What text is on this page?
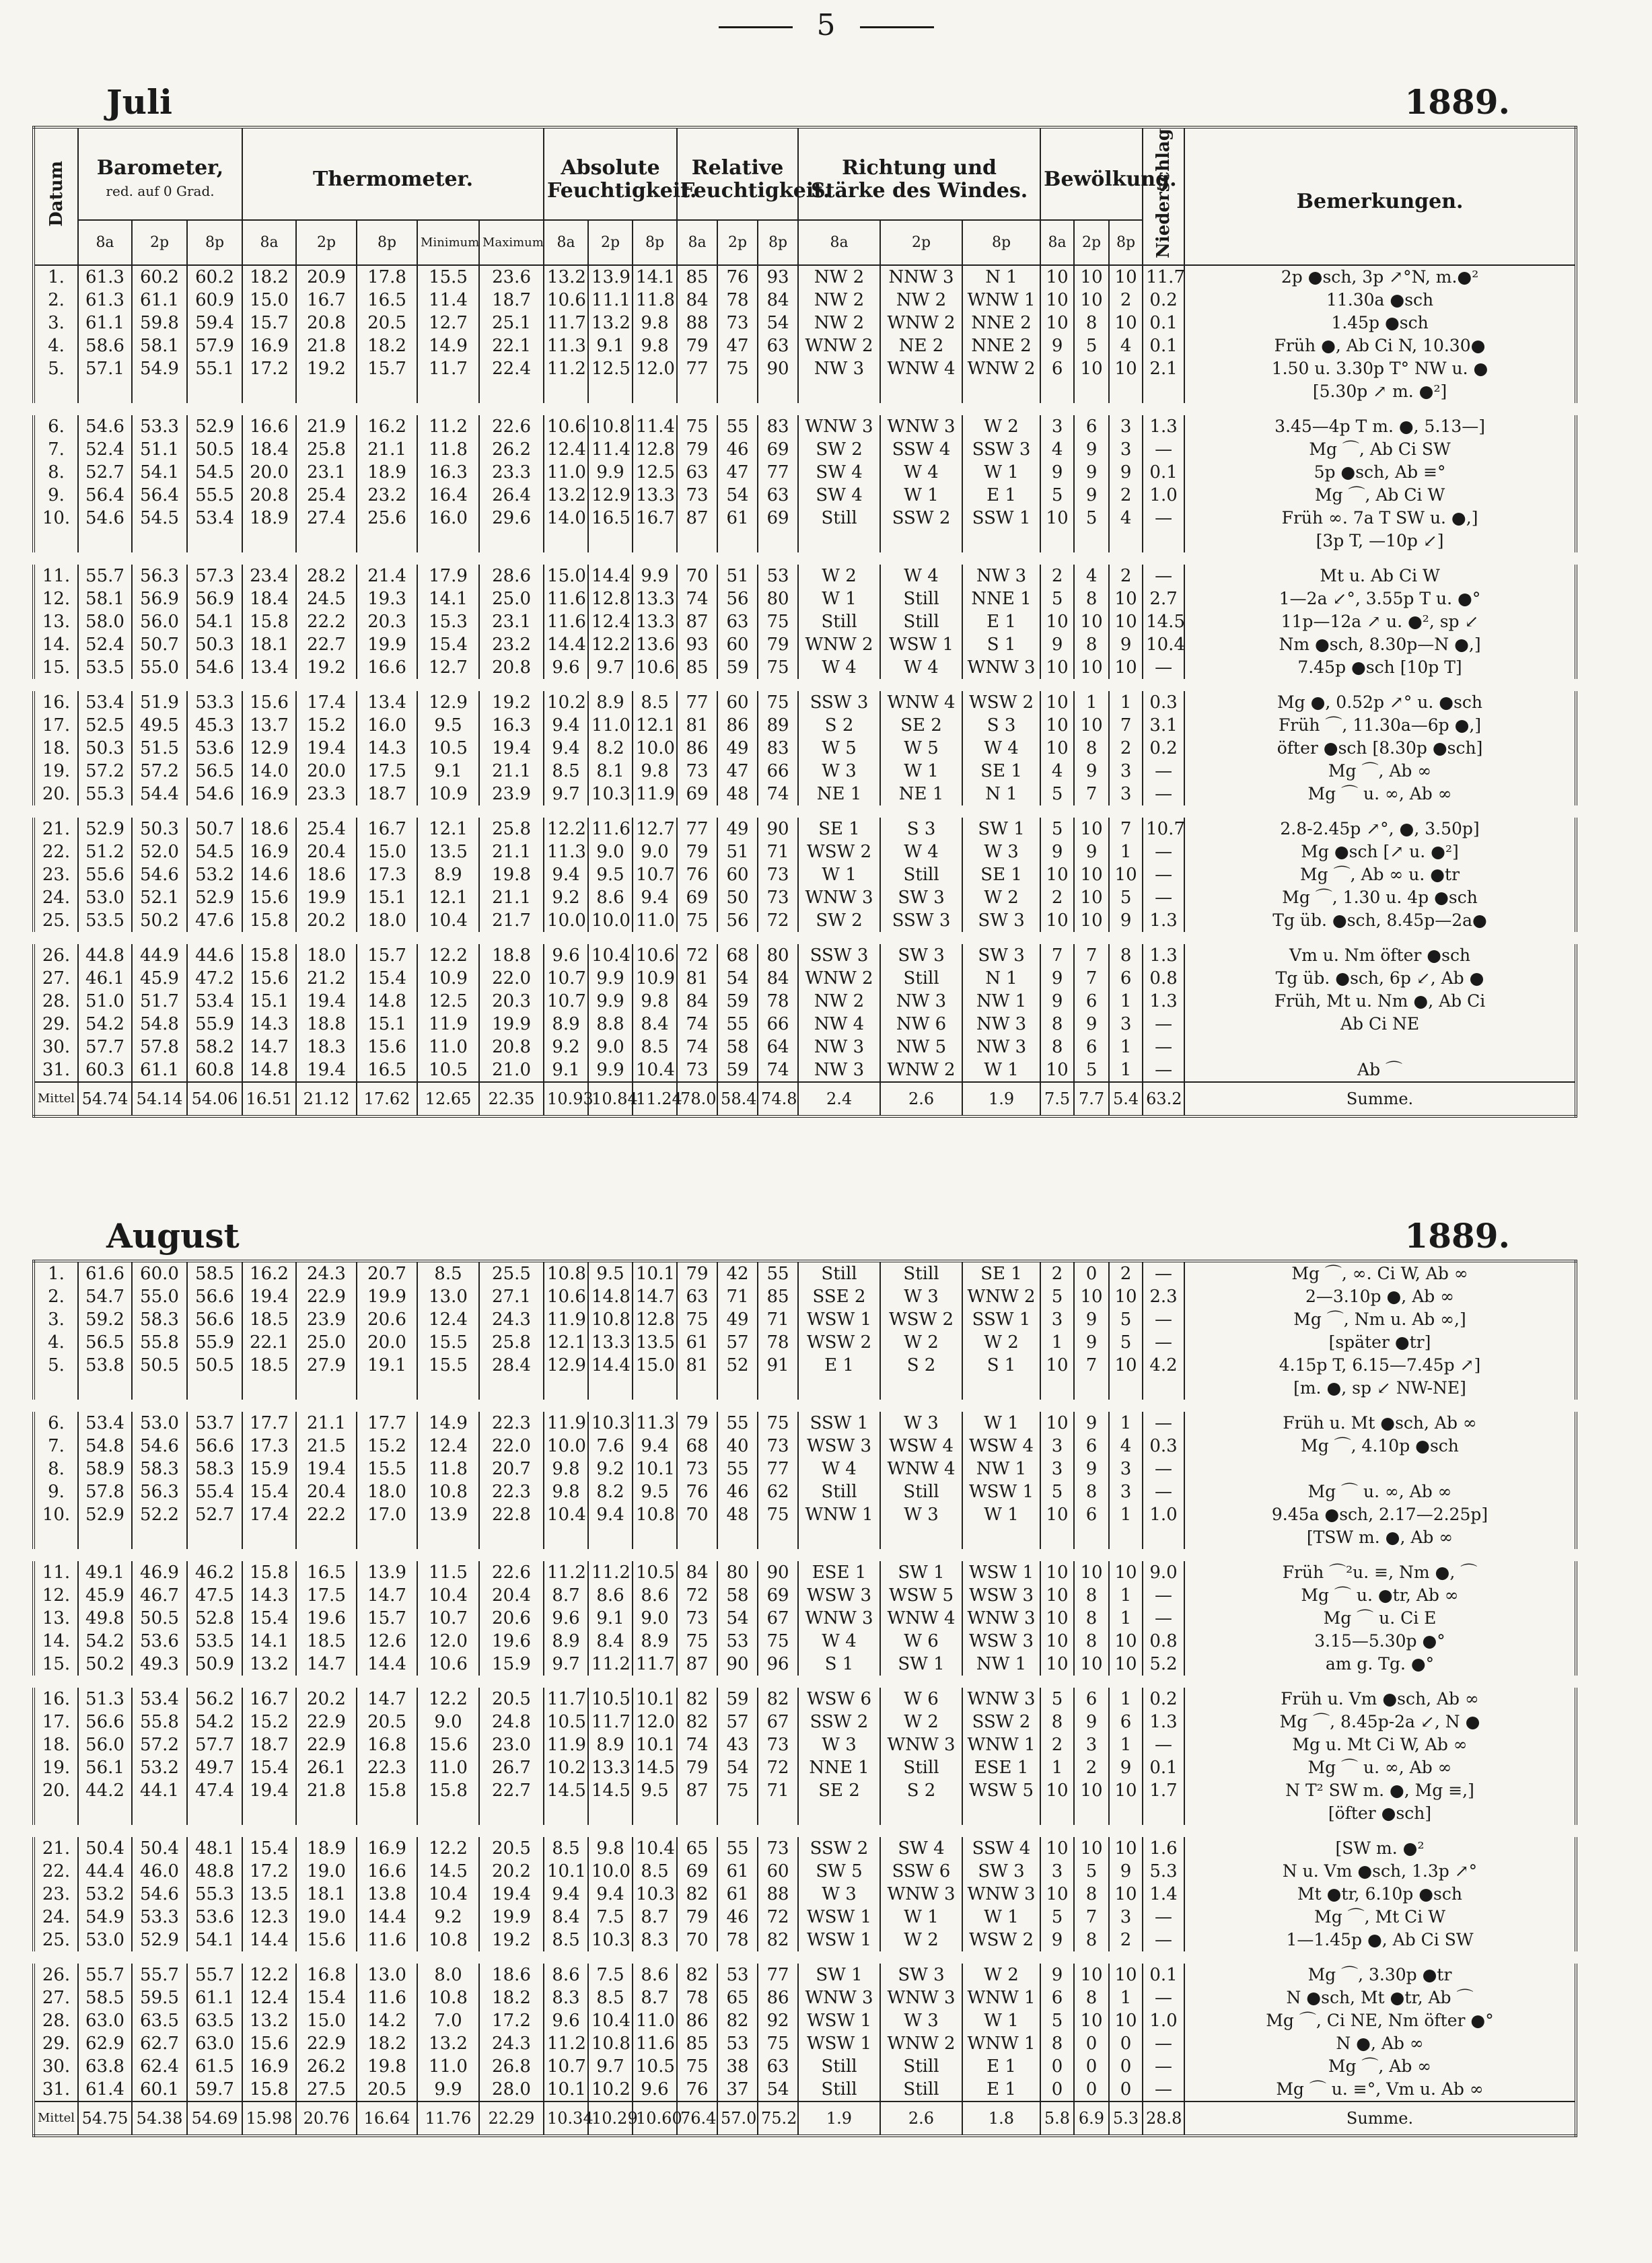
5
Juli	1889.
Datum	Barometer,
red. auf 0 Grad.			Thermometer.					Absolute Feuchtigkeit.			Relative Feuchtigkeit.			Richtung und Stärke des Windes.			Bewölkung.			Niederschlag	Bemerkungen.
	8a	2p	8p	8a	2p	8p	Minimum	Maximum	8a	2p	8p	8a	2p	8p	8a	2p	8p	8a	2p	8p		
1.	61.3	60.2	60.2	18.2	20.9	17.8	15.5	23.6	13.2	13.9	14.1	85	76	93	NW 2	NNW 3	N 1	10	10	10	11.7	2p ●sch, 3p ↗°N, m.●²
2.	61.3	61.1	60.9	15.0	16.7	16.5	11.4	18.7	10.6	11.1	11.8	84	78	84	NW 2	NW 2	WNW 1	10	10	2	0.2	11.30a ●sch
3.	61.1	59.8	59.4	15.7	20.8	20.5	12.7	25.1	11.7	13.2	9.8	88	73	54	NW 2	WNW 2	NNE 2	10	8	10	0.1	1.45p ●sch
4.	58.6	58.1	57.9	16.9	21.8	18.2	14.9	22.1	11.3	9.1	9.8	79	47	63	WNW 2	NE 2	NNE 2	9	5	4	0.1	Früh ●, Ab Ci N, 10.30●
5.	57.1	54.9	55.1	17.2	19.2	15.7	11.7	22.4	11.2	12.5	12.0	77	75	90	NW 3	WNW 4	WNW 2	6	10	10	2.1	1.50 u. 3.30p T° NW u. ●
																						[5.30p ↗ m. ●²]
6.	54.6	53.3	52.9	16.6	21.9	16.2	11.2	22.6	10.6	10.8	11.4	75	55	83	WNW 3	WNW 3	W 2	3	6	3	1.3	3.45—4p T m. ●, 5.13—]
7.	52.4	51.1	50.5	18.4	25.8	21.1	11.8	26.2	12.4	11.4	12.8	79	46	69	SW 2	SSW 4	SSW 3	4	9	3	—	Mg ⌒, Ab Ci SW
8.	52.7	54.1	54.5	20.0	23.1	18.9	16.3	23.3	11.0	9.9	12.5	63	47	77	SW 4	W 4	W 1	9	9	9	0.1	5p ●sch, Ab ≡°
9.	56.4	56.4	55.5	20.8	25.4	23.2	16.4	26.4	13.2	12.9	13.3	73	54	63	SW 4	W 1	E 1	5	9	2	1.0	Mg ⌒, Ab Ci W
10.	54.6	54.5	53.4	18.9	27.4	25.6	16.0	29.6	14.0	16.5	16.7	87	61	69	Still	SSW 2	SSW 1	10	5	4	—	Früh ∞. 7a T SW u. ●,]
																						[3p T, —10p ↙]
11.	55.7	56.3	57.3	23.4	28.2	21.4	17.9	28.6	15.0	14.4	9.9	70	51	53	W 2	W 4	NW 3	2	4	2	—	Mt u. Ab Ci W
12.	58.1	56.9	56.9	18.4	24.5	19.3	14.1	25.0	11.6	12.8	13.3	74	56	80	W 1	Still	NNE 1	5	8	10	2.7	1—2a ↙°, 3.55p T u. ●°
13.	58.0	56.0	54.1	15.8	22.2	20.3	15.3	23.1	11.6	12.4	13.3	87	63	75	Still	Still	E 1	10	10	10	14.5	11p—12a ↗ u. ●², sp ↙
14.	52.4	50.7	50.3	18.1	22.7	19.9	15.4	23.2	14.4	12.2	13.6	93	60	79	WNW 2	WSW 1	S 1	9	8	9	10.4	Nm ●sch, 8.30p—N ●,]
15.	53.5	55.0	54.6	13.4	19.2	16.6	12.7	20.8	9.6	9.7	10.6	85	59	75	W 4	W 4	WNW 3	10	10	10	—	7.45p ●sch [10p T]
16.	53.4	51.9	53.3	15.6	17.4	13.4	12.9	19.2	10.2	8.9	8.5	77	60	75	SSW 3	WNW 4	WSW 2	10	1	1	0.3	Mg ●, 0.52p ↗° u. ●sch
17.	52.5	49.5	45.3	13.7	15.2	16.0	9.5	16.3	9.4	11.0	12.1	81	86	89	S 2	SE 2	S 3	10	10	7	3.1	Früh ⌒, 11.30a—6p ●,]
18.	50.3	51.5	53.6	12.9	19.4	14.3	10.5	19.4	9.4	8.2	10.0	86	49	83	W 5	W 5	W 4	10	8	2	0.2	öfter ●sch [8.30p ●sch]
19.	57.2	57.2	56.5	14.0	20.0	17.5	9.1	21.1	8.5	8.1	9.8	73	47	66	W 3	W 1	SE 1	4	9	3	—	Mg ⌒, Ab ∞
20.	55.3	54.4	54.6	16.9	23.3	18.7	10.9	23.9	9.7	10.3	11.9	69	48	74	NE 1	NE 1	N 1	5	7	3	—	Mg ⌒ u. ∞, Ab ∞
21.	52.9	50.3	50.7	18.6	25.4	16.7	12.1	25.8	12.2	11.6	12.7	77	49	90	SE 1	S 3	SW 1	5	10	7	10.7	2.8-2.45p ↗°, ●, 3.50p]
22.	51.2	52.0	54.5	16.9	20.4	15.0	13.5	21.1	11.3	9.0	9.0	79	51	71	WSW 2	W 4	W 3	9	9	1	—	Mg ●sch [↗ u. ●²]
23.	55.6	54.6	53.2	14.6	18.6	17.3	8.9	19.8	9.4	9.5	10.7	76	60	73	W 1	Still	SE 1	10	10	10	—	Mg ⌒, Ab ∞ u. ●tr
24.	53.0	52.1	52.9	15.6	19.9	15.1	12.1	21.1	9.2	8.6	9.4	69	50	73	WNW 3	SW 3	W 2	2	10	5	—	Mg ⌒, 1.30 u. 4p ●sch
25.	53.5	50.2	47.6	15.8	20.2	18.0	10.4	21.7	10.0	10.0	11.0	75	56	72	SW 2	SSW 3	SW 3	10	10	9	1.3	Tg üb. ●sch, 8.45p—2a●
26.	44.8	44.9	44.6	15.8	18.0	15.7	12.2	18.8	9.6	10.4	10.6	72	68	80	SSW 3	SW 3	SW 3	7	7	8	1.3	Vm u. Nm öfter ●sch
27.	46.1	45.9	47.2	15.6	21.2	15.4	10.9	22.0	10.7	9.9	10.9	81	54	84	WNW 2	Still	N 1	9	7	6	0.8	Tg üb. ●sch, 6p ↙, Ab ●
28.	51.0	51.7	53.4	15.1	19.4	14.8	12.5	20.3	10.7	9.9	9.8	84	59	78	NW 2	NW 3	NW 1	9	6	1	1.3	Früh, Mt u. Nm ●, Ab Ci
29.	54.2	54.8	55.9	14.3	18.8	15.1	11.9	19.9	8.9	8.8	8.4	74	55	66	NW 4	NW 6	NW 3	8	9	3	—	Ab Ci NE
30.	57.7	57.8	58.2	14.7	18.3	15.6	11.0	20.8	9.2	9.0	8.5	74	58	64	NW 3	NW 5	NW 3	8	6	1	—	
31.	60.3	61.1	60.8	14.8	19.4	16.5	10.5	21.0	9.1	9.9	10.4	73	59	74	NW 3	WNW 2	W 1	10	5	1	—	Ab ⌒
Mittel	54.74	54.14	54.06	16.51	21.12	17.62	12.65	22.35	10.93	10.84	11.24	78.0	58.4	74.8	2.4	2.6	1.9	7.5	7.7	5.4	63.2	Summe.
August	1889.
1.	61.6	60.0	58.5	16.2	24.3	20.7	8.5	25.5	10.8	9.5	10.1	79	42	55	Still	Still	SE 1	2	0	2	—	Mg ⌒, ∞. Ci W, Ab ∞
2.	54.7	55.0	56.6	19.4	22.9	19.9	13.0	27.1	10.6	14.8	14.7	63	71	85	SSE 2	W 3	WNW 2	5	10	10	2.3	2—3.10p ●, Ab ∞
3.	59.2	58.3	56.6	18.5	23.9	20.6	12.4	24.3	11.9	10.8	12.8	75	49	71	WSW 1	WSW 2	SSW 1	3	9	5	—	Mg ⌒, Nm u. Ab ∞,]
4.	56.5	55.8	55.9	22.1	25.0	20.0	15.5	25.8	12.1	13.3	13.5	61	57	78	WSW 2	W 2	W 2	1	9	5	—	[später ●tr]
5.	53.8	50.5	50.5	18.5	27.9	19.1	15.5	28.4	12.9	14.4	15.0	81	52	91	E 1	S 2	S 1	10	7	10	4.2	4.15p T, 6.15—7.45p ↗]
																						[m. ●, sp ↙ NW-NE]
6.	53.4	53.0	53.7	17.7	21.1	17.7	14.9	22.3	11.9	10.3	11.3	79	55	75	SSW 1	W 3	W 1	10	9	1	—	Früh u. Mt ●sch, Ab ∞
7.	54.8	54.6	56.6	17.3	21.5	15.2	12.4	22.0	10.0	7.6	9.4	68	40	73	WSW 3	WSW 4	WSW 4	3	6	4	0.3	Mg ⌒, 4.10p ●sch
8.	58.9	58.3	58.3	15.9	19.4	15.5	11.8	20.7	9.8	9.2	10.1	73	55	77	W 4	WNW 4	NW 1	3	9	3	—	
9.	57.8	56.3	55.4	15.4	20.4	18.0	10.8	22.3	9.8	8.2	9.5	76	46	62	Still	Still	WSW 1	5	8	3	—	Mg ⌒ u. ∞, Ab ∞
10.	52.9	52.2	52.7	17.4	22.2	17.0	13.9	22.8	10.4	9.4	10.8	70	48	75	WNW 1	W 3	W 1	10	6	1	1.0	9.45a ●sch, 2.17—2.25p]
																						[TSW m. ●, Ab ∞
11.	49.1	46.9	46.2	15.8	16.5	13.9	11.5	22.6	11.2	11.2	10.5	84	80	90	ESE 1	SW 1	WSW 1	10	10	10	9.0	Früh ⌒²u. ≡, Nm ●, ⌒
12.	45.9	46.7	47.5	14.3	17.5	14.7	10.4	20.4	8.7	8.6	8.6	72	58	69	WSW 3	WSW 5	WSW 3	10	8	1	—	Mg ⌒ u. ●tr, Ab ∞
13.	49.8	50.5	52.8	15.4	19.6	15.7	10.7	20.6	9.6	9.1	9.0	73	54	67	WNW 3	WNW 4	WNW 3	10	8	1	—	Mg ⌒ u. Ci E
14.	54.2	53.6	53.5	14.1	18.5	12.6	12.0	19.6	8.9	8.4	8.9	75	53	75	W 4	W 6	WSW 3	10	8	10	0.8	3.15—5.30p ●°
15.	50.2	49.3	50.9	13.2	14.7	14.4	10.6	15.9	9.7	11.2	11.7	87	90	96	S 1	SW 1	NW 1	10	10	10	5.2	am g. Tg. ●°
16.	51.3	53.4	56.2	16.7	20.2	14.7	12.2	20.5	11.7	10.5	10.1	82	59	82	WSW 6	W 6	WNW 3	5	6	1	0.2	Früh u. Vm ●sch, Ab ∞
17.	56.6	55.8	54.2	15.2	22.9	20.5	9.0	24.8	10.5	11.7	12.0	82	57	67	SSW 2	W 2	SSW 2	8	9	6	1.3	Mg ⌒, 8.45p-2a ↙, N ●
18.	56.0	57.2	57.7	18.7	22.9	16.8	15.6	23.0	11.9	8.9	10.1	74	43	73	W 3	WNW 3	WNW 1	2	3	1	—	Mg u. Mt Ci W, Ab ∞
19.	56.1	53.2	49.7	15.4	26.1	22.3	11.0	26.7	10.2	13.3	14.5	79	54	72	NNE 1	Still	ESE 1	1	2	9	0.1	Mg ⌒ u. ∞, Ab ∞
20.	44.2	44.1	47.4	19.4	21.8	15.8	15.8	22.7	14.5	14.5	9.5	87	75	71	SE 2	S 2	WSW 5	10	10	10	1.7	N T² SW m. ●, Mg ≡,]
																						[öfter ●sch]
21.	50.4	50.4	48.1	15.4	18.9	16.9	12.2	20.5	8.5	9.8	10.4	65	55	73	SSW 2	SW 4	SSW 4	10	10	10	1.6	[SW m. ●²
22.	44.4	46.0	48.8	17.2	19.0	16.6	14.5	20.2	10.1	10.0	8.5	69	61	60	SW 5	SSW 6	SW 3	3	5	9	5.3	N u. Vm ●sch, 1.3p ↗°
23.	53.2	54.6	55.3	13.5	18.1	13.8	10.4	19.4	9.4	9.4	10.3	82	61	88	W 3	WNW 3	WNW 3	10	8	10	1.4	Mt ●tr, 6.10p ●sch
24.	54.9	53.3	53.6	12.3	19.0	14.4	9.2	19.9	8.4	7.5	8.7	79	46	72	WSW 1	W 1	W 1	5	7	3	—	Mg ⌒, Mt Ci W
25.	53.0	52.9	54.1	14.4	15.6	11.6	10.8	19.2	8.5	10.3	8.3	70	78	82	WSW 1	W 2	WSW 2	9	8	2	—	1—1.45p ●, Ab Ci SW
26.	55.7	55.7	55.7	12.2	16.8	13.0	8.0	18.6	8.6	7.5	8.6	82	53	77	SW 1	SW 3	W 2	9	10	10	0.1	Mg ⌒, 3.30p ●tr
27.	58.5	59.5	61.1	12.4	15.4	11.6	10.8	18.2	8.3	8.5	8.7	78	65	86	WNW 3	WNW 3	WNW 1	6	8	1	—	N ●sch, Mt ●tr, Ab ⌒
28.	63.0	63.5	63.5	13.2	15.0	14.2	7.0	17.2	9.6	10.4	11.0	86	82	92	WSW 1	W 3	W 1	5	10	10	1.0	Mg ⌒, Ci NE, Nm öfter ●°
29.	62.9	62.7	63.0	15.6	22.9	18.2	13.2	24.3	11.2	10.8	11.6	85	53	75	WSW 1	WNW 2	WNW 1	8	0	0	—	N ●, Ab ∞
30.	63.8	62.4	61.5	16.9	26.2	19.8	11.0	26.8	10.7	9.7	10.5	75	38	63	Still	Still	E 1	0	0	0	—	Mg ⌒, Ab ∞
31.	61.4	60.1	59.7	15.8	27.5	20.5	9.9	28.0	10.1	10.2	9.6	76	37	54	Still	Still	E 1	0	0	0	—	Mg ⌒ u. ≡°, Vm u. Ab ∞
Mittel	54.75	54.38	54.69	15.98	20.76	16.64	11.76	22.29	10.34	10.29	10.60	76.4	57.0	75.2	1.9	2.6	1.8	5.8	6.9	5.3	28.8	Summe.
